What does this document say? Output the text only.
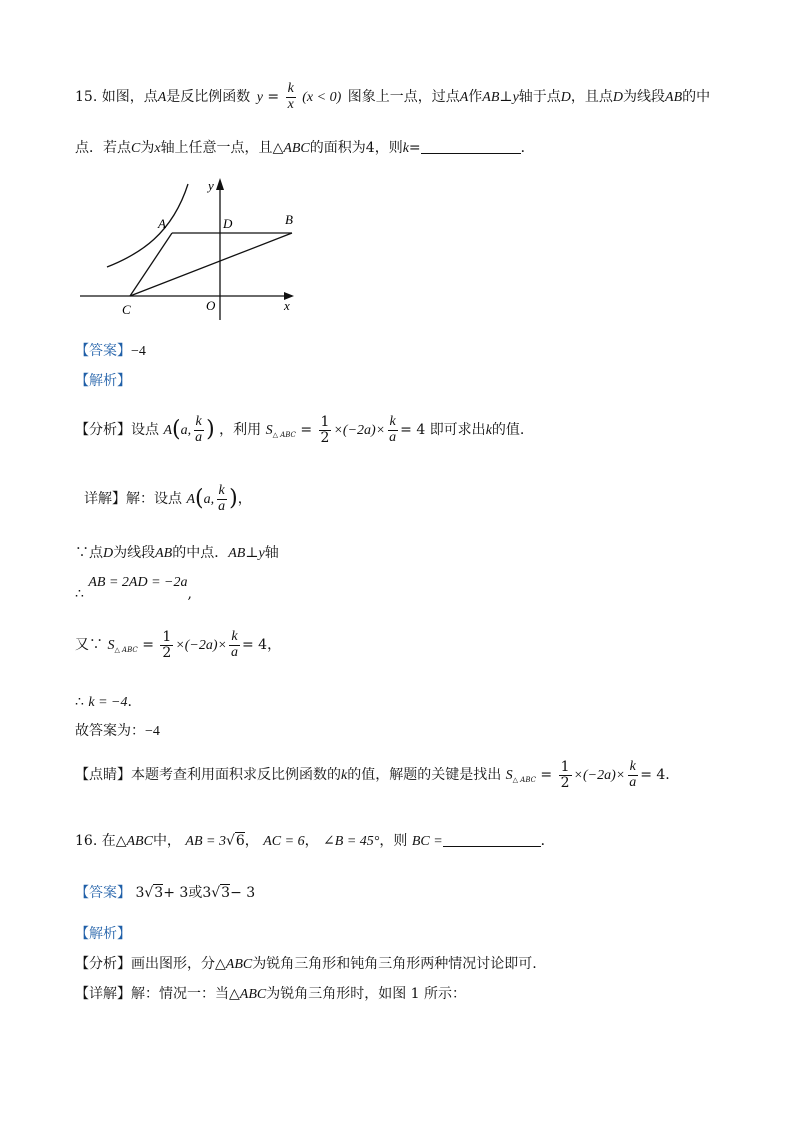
15. 如图，点A是反比例函数 $y = \frac{k}{x} (x < 0)$ 图象上一点，过点A作AB⊥y轴于点D，且点D为线段AB的中
点．若点C为x轴上任意一点，且△ABC的面积为4，则k=	．
A	D	B
C	O	x
y
【答案】−4
【解析】
【分析】设点 A(a, $\frac{k}{a}$ ) ，利用 $S_{\triangle ABC} = \frac{1}{2} \times(-2a)\times \frac{k}{a} = 4$ 即可求出k的值.
详解】解：设点 A(a, $\frac{k}{a}$ )，
∵点D为线段AB的中点．AB⊥y轴
∴ AB = 2AD = −2a,
又∵ $S_{\triangle ABC} = \frac{1}{2} \times(-2a)\times \frac{k}{a} = 4$，
∴ k = −4.
故答案为：−4
【点睛】本题考查利用面积求反比例函数的k的值，解题的关键是找出 $S_{\triangle ABC} = \frac{1}{2} \times(-2a)\times \frac{k}{a} = 4$.
16. 在△ABC中， AB = 3√6， AC = 6， ∠B = 45°，则 BC =	．
【答案】 3√3+ 3或3√3− 3
【解析】
【分析】画出图形，分△ABC为锐角三角形和钝角三角形两种情况讨论即可.
【详解】解：情况一：当△ABC为锐角三角形时，如图 1 所示：
